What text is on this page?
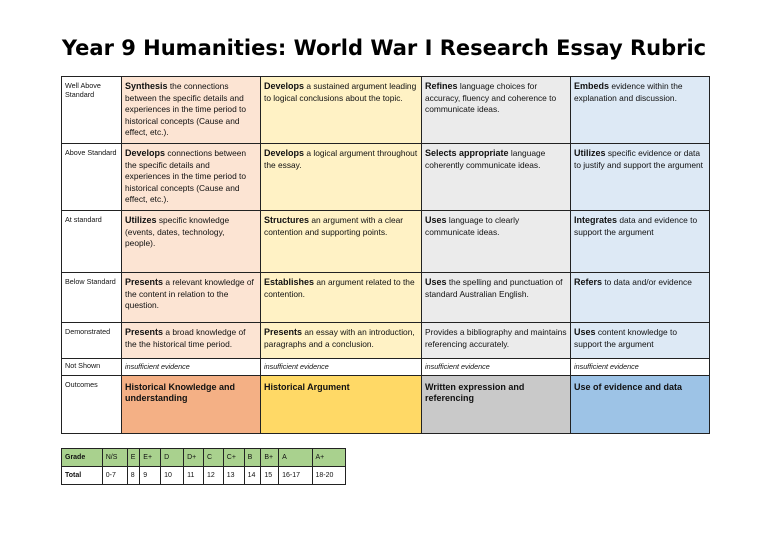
Year 9 Humanities: World War I Research Essay Rubric
Well Above Standard	Synthesis the connections between the specific details and experiences in the time period to historical concepts (Cause and effect, etc.).	Develops a sustained argument leading to logical conclusions about the topic.	Refines language choices for accuracy, fluency and coherence to communicate ideas.	Embeds evidence within the explanation and discussion.
Above Standard	Develops connections between the specific details and experiences in the time period to historical concepts (Cause and effect, etc.).	Develops a logical argument throughout the essay.	Selects appropriate language coherently communicate ideas.	Utilizes specific evidence or data to justify and support the argument
At standard	Utilizes specific knowledge (events, dates, technology, people).	Structures an argument with a clear contention and supporting points.	Uses language to clearly communicate ideas.	Integrates data and evidence to support the argument
Below Standard	Presents a relevant knowledge of the content in relation to the question.	Establishes an argument related to the contention.	Uses the spelling and punctuation of standard Australian English.	Refers to data and/or evidence
Demonstrated	Presents a broad knowledge of the the historical time period.	Presents an essay with an introduction, paragraphs and a conclusion.	Provides a bibliography and maintains referencing accurately.	Uses content knowledge to support the argument
Not Shown	insufficient evidence	insufficient evidence	insufficient evidence	insufficient evidence
Outcomes	Historical Knowledge and understanding	Historical Argument	Written expression and referencing	Use of evidence and data
Grade	N/S	E	E+	D	D+	C	C+	B	B+	A	A+
Total	0-7	8	9	10	11	12	13	14	15	16-17	18-20
